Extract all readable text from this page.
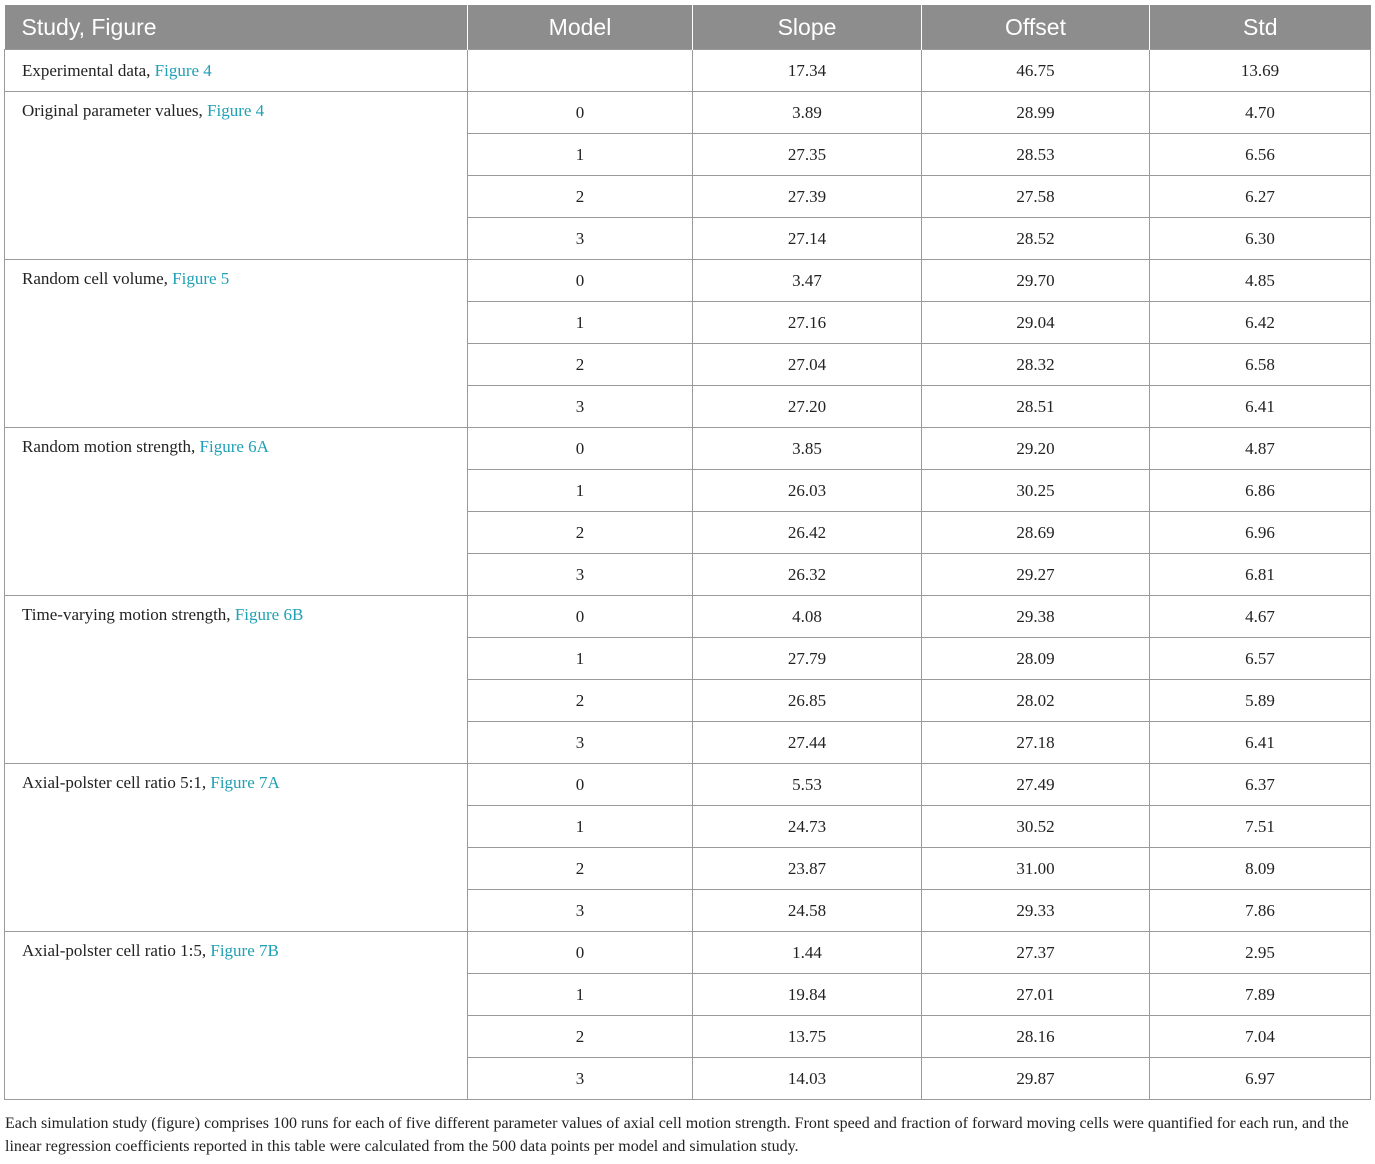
Study, Figure	Model	Slope	Offset	Std
Experimental data, Figure 4		17.34	46.75	13.69
Original parameter values, Figure 4	0	3.89	28.99	4.70
	1	27.35	28.53	6.56
	2	27.39	27.58	6.27
	3	27.14	28.52	6.30
Random cell volume, Figure 5	0	3.47	29.70	4.85
	1	27.16	29.04	6.42
	2	27.04	28.32	6.58
	3	27.20	28.51	6.41
Random motion strength, Figure 6A	0	3.85	29.20	4.87
	1	26.03	30.25	6.86
	2	26.42	28.69	6.96
	3	26.32	29.27	6.81
Time-varying motion strength, Figure 6B	0	4.08	29.38	4.67
	1	27.79	28.09	6.57
	2	26.85	28.02	5.89
	3	27.44	27.18	6.41
Axial-polster cell ratio 5:1, Figure 7A	0	5.53	27.49	6.37
	1	24.73	30.52	7.51
	2	23.87	31.00	8.09
	3	24.58	29.33	7.86
Axial-polster cell ratio 1:5, Figure 7B	0	1.44	27.37	2.95
	1	19.84	27.01	7.89
	2	13.75	28.16	7.04
	3	14.03	29.87	6.97
Each simulation study (figure) comprises 100 runs for each of five different parameter values of axial cell motion strength. Front speed and fraction of forward moving cells were quantified for each run, and the linear regression coefficients reported in this table were calculated from the 500 data points per model and simulation study.
